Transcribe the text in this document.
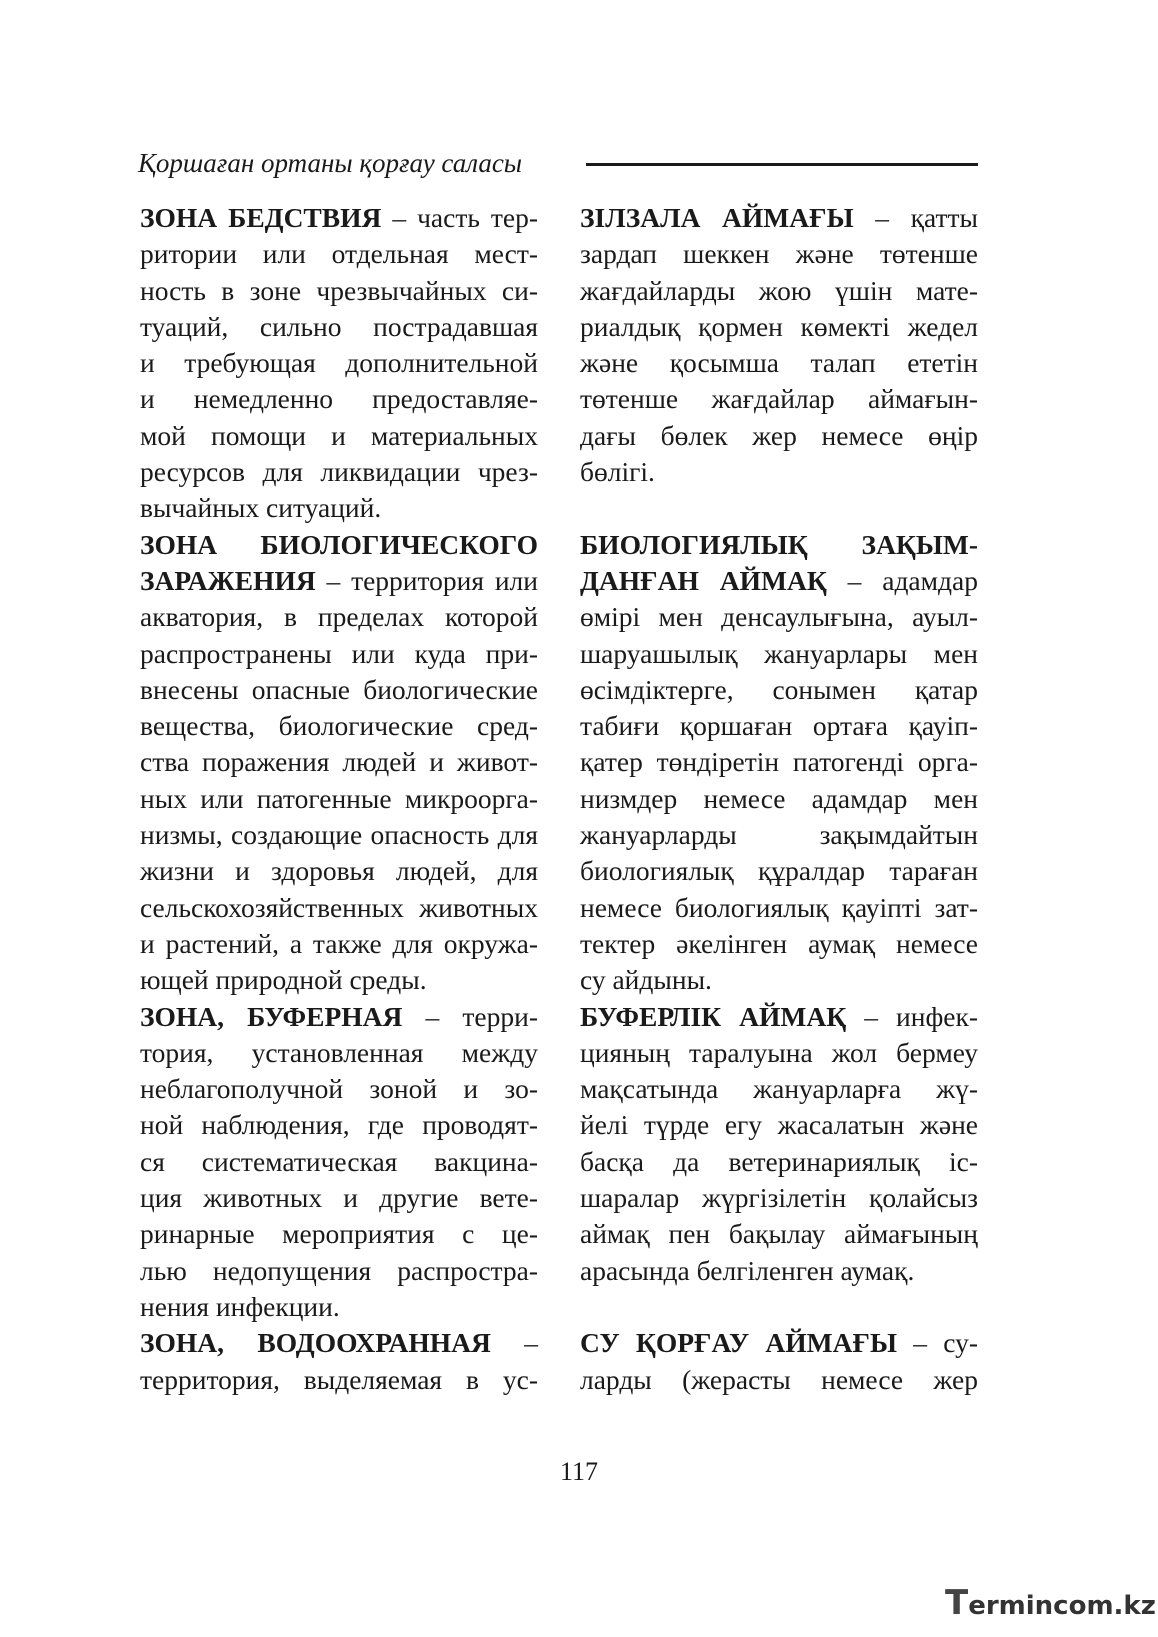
Қоршаған ортаны қорғау саласы
ЗОНА БЕДСТВИЯ – часть тер-
ритории или отдельная мест-
ность в зоне чрезвычайных си-
туаций, сильно пострадавшая
и требующая дополнительной
и немедленно предоставляе-
мой помощи и материальных
ресурсов для ликвидации чрез-
вычайных ситуаций.
ЗОНА БИОЛОГИЧЕСКОГО
ЗАРАЖЕНИЯ – территория или
акватория, в пределах которой
распространены или куда при-
внесены опасные биологические
вещества, биологические сред-
ства поражения людей и живот-
ных или патогенные микроорга-
низмы, создающие опасность для
жизни и здоровья людей, для
сельскохозяйственных животных
и растений, а также для окружа-
ющей природной среды.
ЗОНА, БУФЕРНАЯ – терри-
тория, установленная между
неблагополучной зоной и зо-
ной наблюдения, где проводят-
ся систематическая вакцина-
ция животных и другие вете-
ринарные мероприятия с це-
лью недопущения распростра-
нения инфекции.
ЗОНА, ВОДООХРАННАЯ –
территория, выделяемая в ус-
ЗІЛЗАЛА АЙМАҒЫ – қатты
зардап шеккен және төтенше
жағдайларды жою үшін мате-
риалдық қормен көмекті жедел
және қосымша талап ететін
төтенше жағдайлар аймағын-
дағы бөлек жер немесе өңір
бөлігі.
БИОЛОГИЯЛЫҚ ЗАҚЫМ-
ДАНҒАН АЙМАҚ – адамдар
өмірі мен денсаулығына, ауыл-
шаруашылық жануарлары мен
өсімдіктерге, сонымен қатар
табиғи қоршаған ортаға қауіп-
қатер төндіретін патогенді орга-
низмдер немесе адамдар мен
жануарларды зақымдайтын
биологиялық құралдар тараған
немесе биологиялық қауіпті зат-
тектер әкелінген аумақ немесе
су айдыны.
БУФЕРЛІК АЙМАҚ – инфек-
цияның таралуына жол бермеу
мақсатында жануарларға жү-
йелі түрде егу жасалатын және
басқа да ветеринариялық іс-
шаралар жүргізілетін қолайсыз
аймақ пен бақылау аймағының
арасында белгіленген аумақ.
СУ ҚОРҒАУ АЙМАҒЫ – су-
ларды (жерасты немесе жер
117
Termincom.kz
